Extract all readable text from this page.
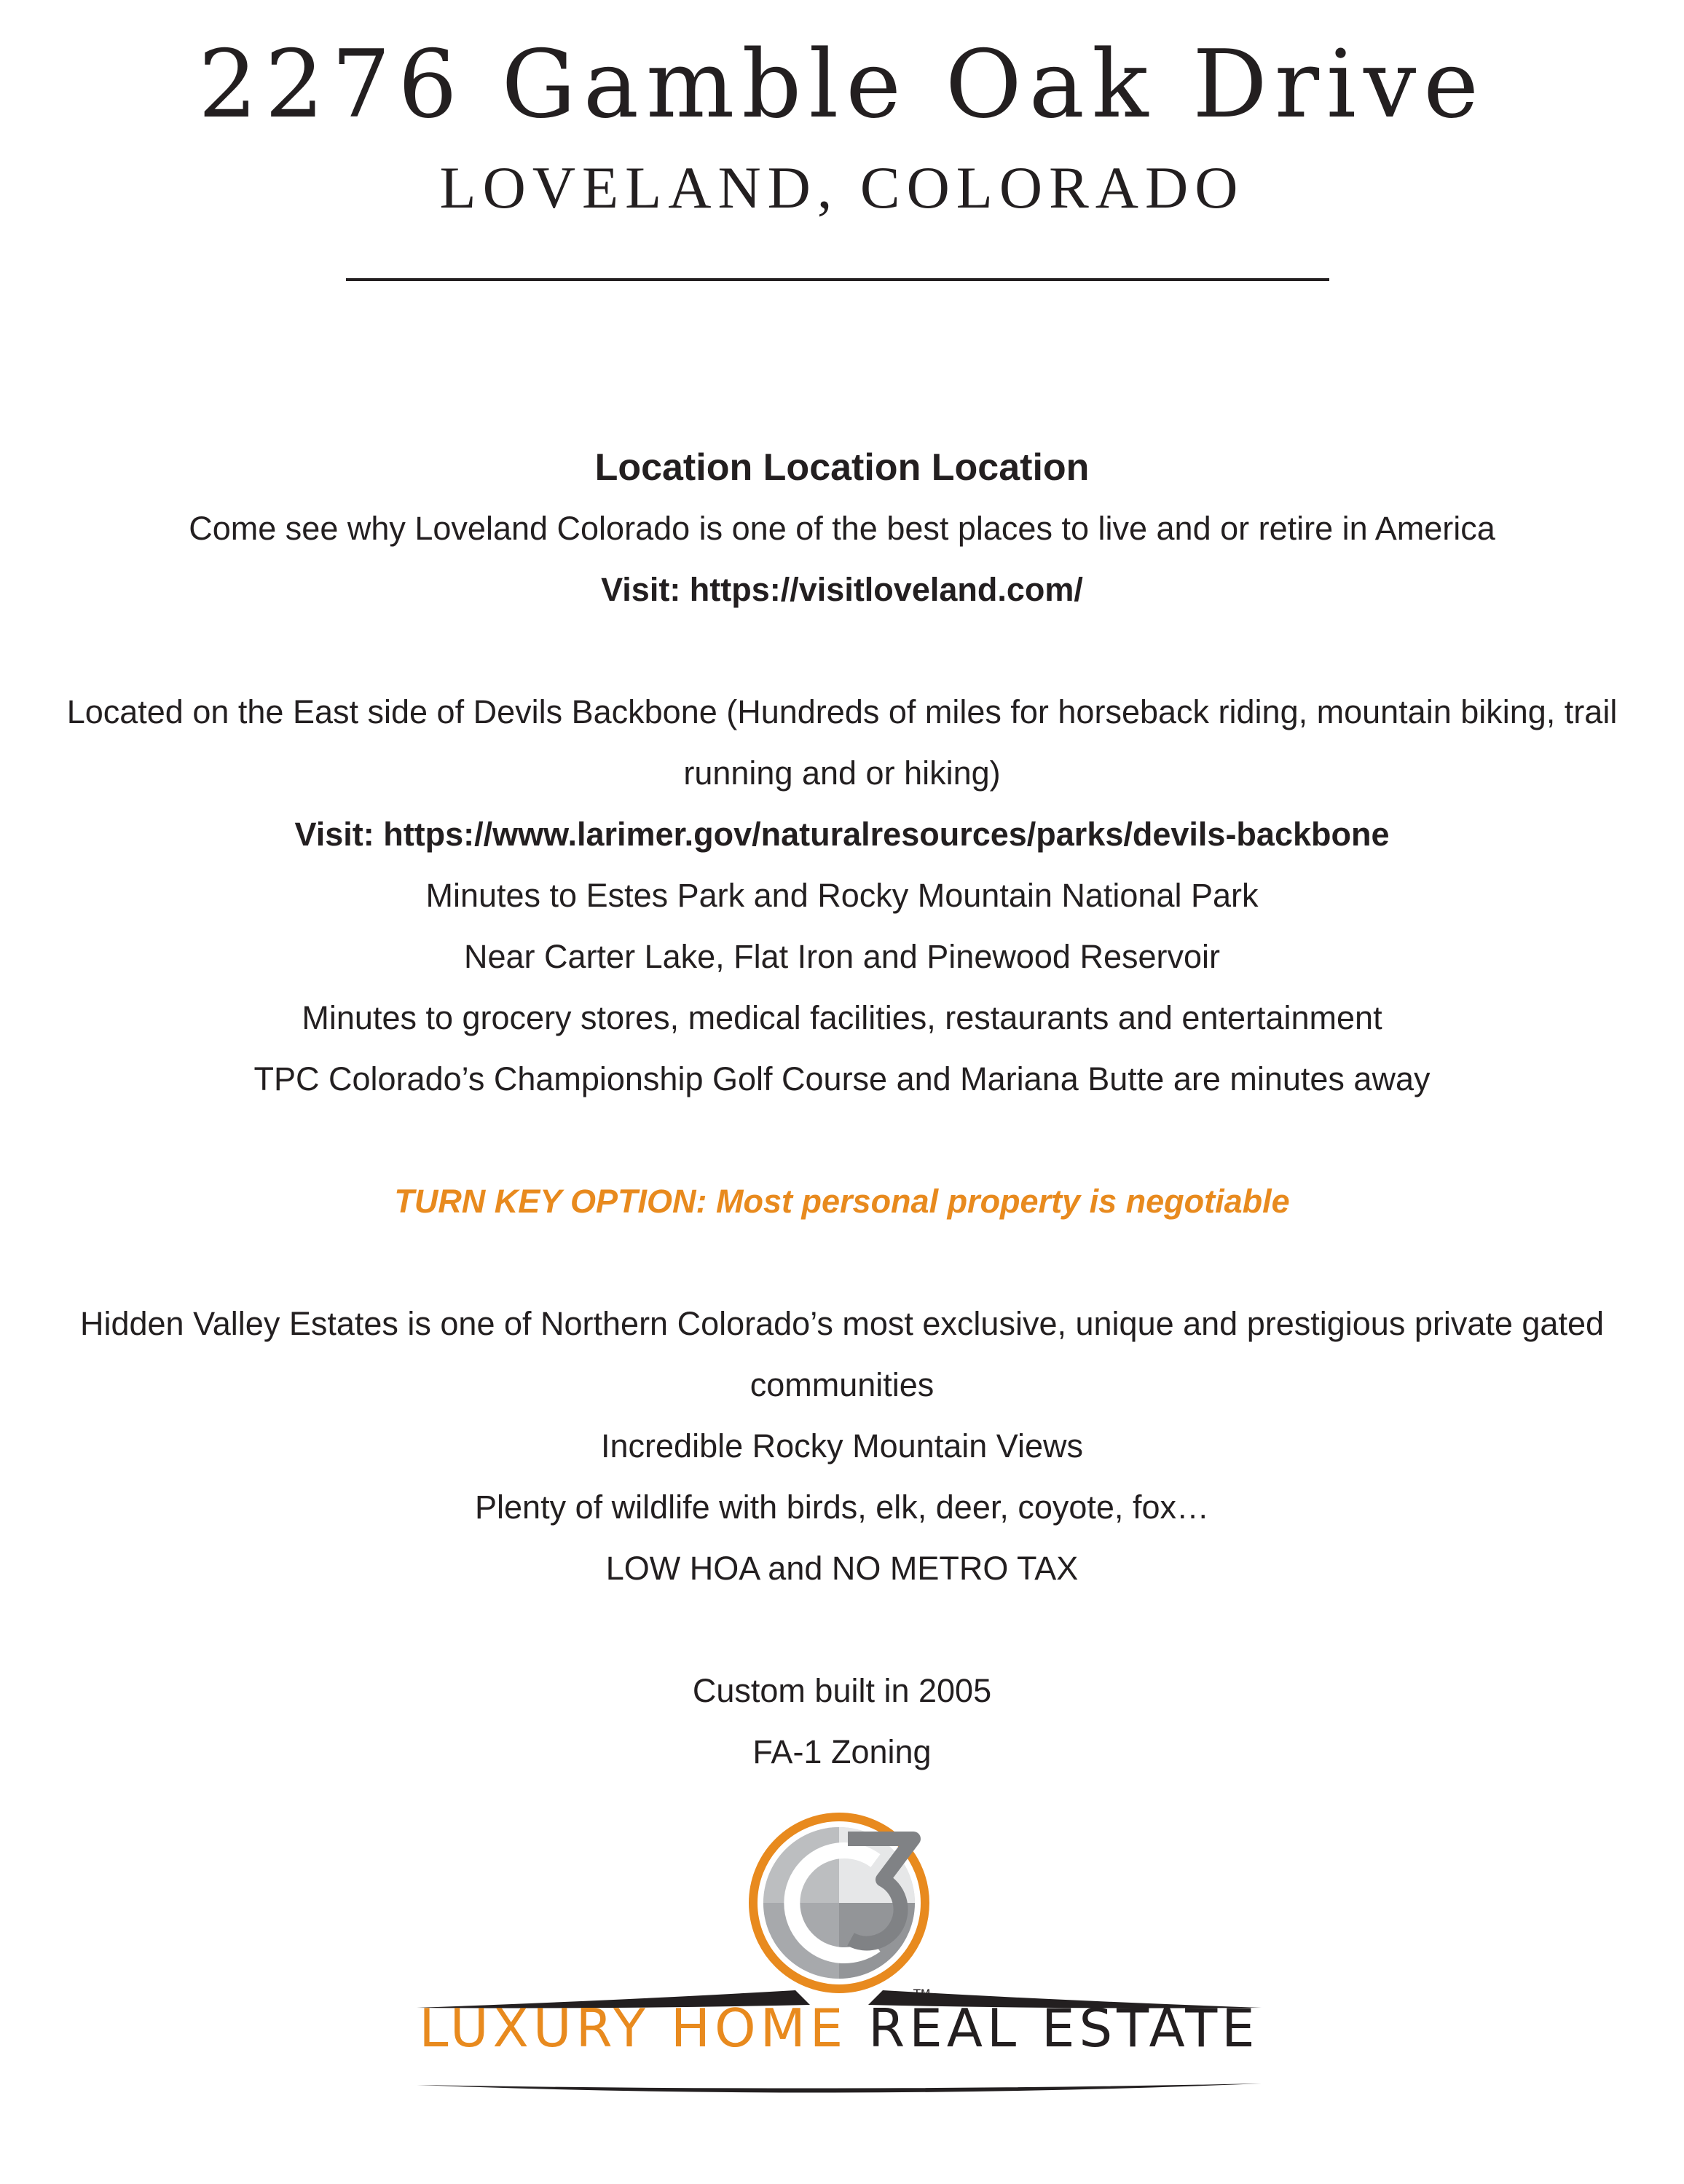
2276 Gamble Oak Drive
LOVELAND, COLORADO

Location Location Location

Come see why Loveland Colorado is one of the best places to live and or retire in America

Visit: https://visitloveland.com/

Located on the East side of Devils Backbone (Hundreds of miles for horseback riding, mountain biking, trail running and or hiking)

Visit: https://www.larimer.gov/naturalresources/parks/devils-backbone

Minutes to Estes Park and Rocky Mountain National Park

Near Carter Lake, Flat Iron and Pinewood Reservoir

Minutes to grocery stores, medical facilities, restaurants and entertainment

TPC Colorado’s Championship Golf Course and Mariana Butte are minutes away

TURN KEY OPTION: Most personal property is negotiable

Hidden Valley Estates is one of Northern Colorado’s most exclusive, unique and prestigious private gated communities

Incredible Rocky Mountain Views

Plenty of wildlife with birds, elk, deer, coyote, fox…

LOW HOA and NO METRO TAX

Custom built in 2005

FA-1 Zoning

LUXURY HOME REAL ESTATE
